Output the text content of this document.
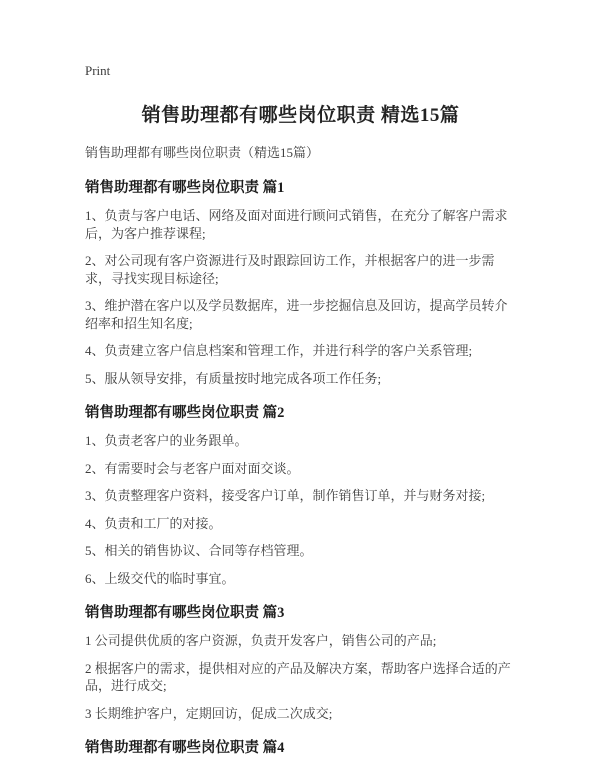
Print
销售助理都有哪些岗位职责 精选15篇

销售助理都有哪些岗位职责（精选15篇）

销售助理都有哪些岗位职责 篇1

1、负责与客户电话、网络及面对面进行顾问式销售，在充分了解客户需求后，为客户推荐课程;

2、对公司现有客户资源进行及时跟踪回访工作，并根据客户的进一步需求，寻找实现目标途径;

3、维护潜在客户以及学员数据库，进一步挖掘信息及回访，提高学员转介绍率和招生知名度;

4、负责建立客户信息档案和管理工作，并进行科学的客户关系管理;

5、服从领导安排，有质量按时地完成各项工作任务;

销售助理都有哪些岗位职责 篇2

1、负责老客户的业务跟单。

2、有需要时会与老客户面对面交谈。

3、负责整理客户资料，接受客户订单，制作销售订单，并与财务对接;

4、负责和工厂的对接。

5、相关的销售协议、合同等存档管理。

6、上级交代的临时事宜。

销售助理都有哪些岗位职责 篇3

1 公司提供优质的客户资源，负责开发客户，销售公司的产品;

2 根据客户的需求，提供相对应的产品及解决方案，帮助客户选择合适的产品，进行成交;

3 长期维护客户，定期回访，促成二次成交;

销售助理都有哪些岗位职责 篇4
